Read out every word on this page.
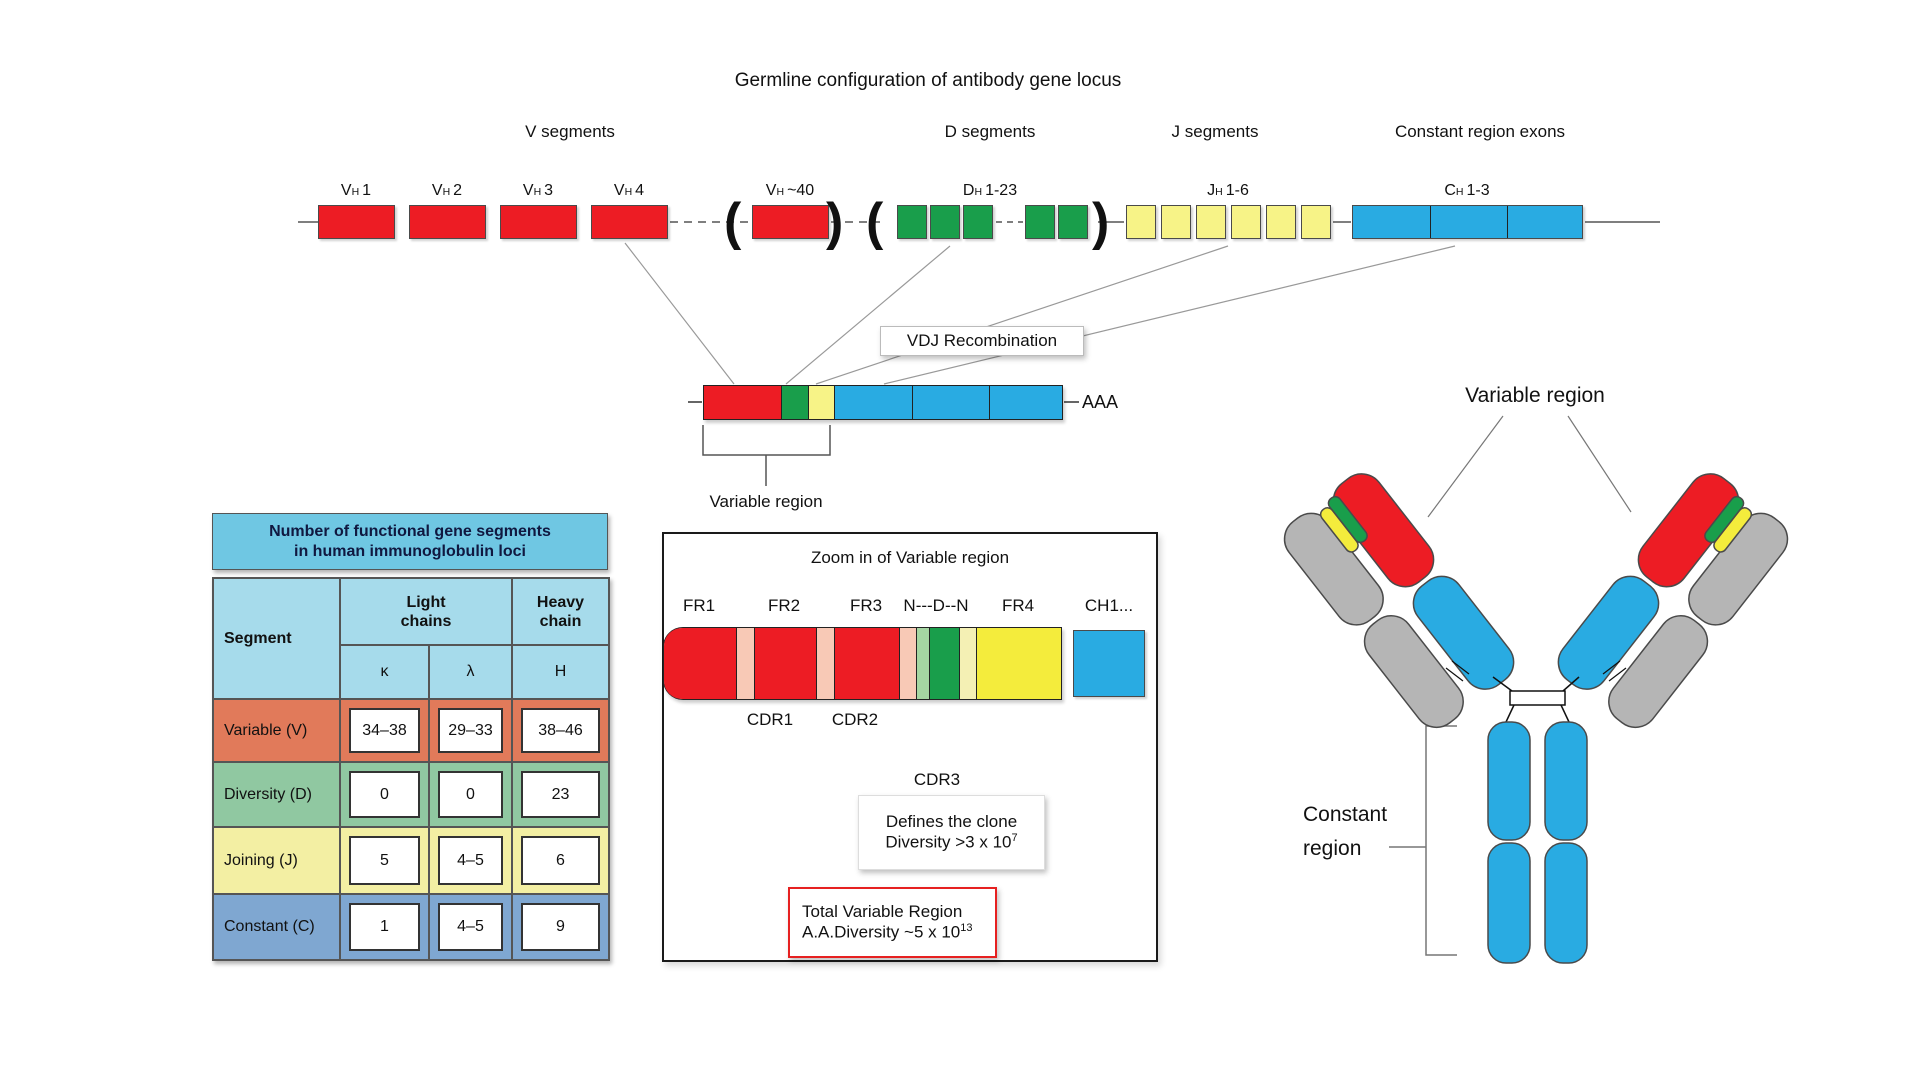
Germline configuration of antibody gene locus
V segments	D segments	J segments	Constant region exons
VH 1	VH 2	VH 3	VH 4	VH ~40	DH 1-23	JH 1-6	CH 1-3
( ) (	)
VDJ Recombination
AAA
Variable region
Number of functional gene segments
in human immunoglobulin loci
Segment
Light
chains
Heavy
chain
κ	λ	H
Variable (V)	34–38	29–33	38–46
Diversity (D)	0	0	23
Joining (J)	5	4–5	6
Constant (C)	1	4–5	9
Zoom in of Variable region
FR1	FR2	FR3	N---D--N	FR4	CH1...
CDR1	CDR2
CDR3
Defines the clone
Diversity >3 x $10^7$
Total Variable Region
A.A.Diversity ~5 x $10^{13}$
Variable region
Constant
region
